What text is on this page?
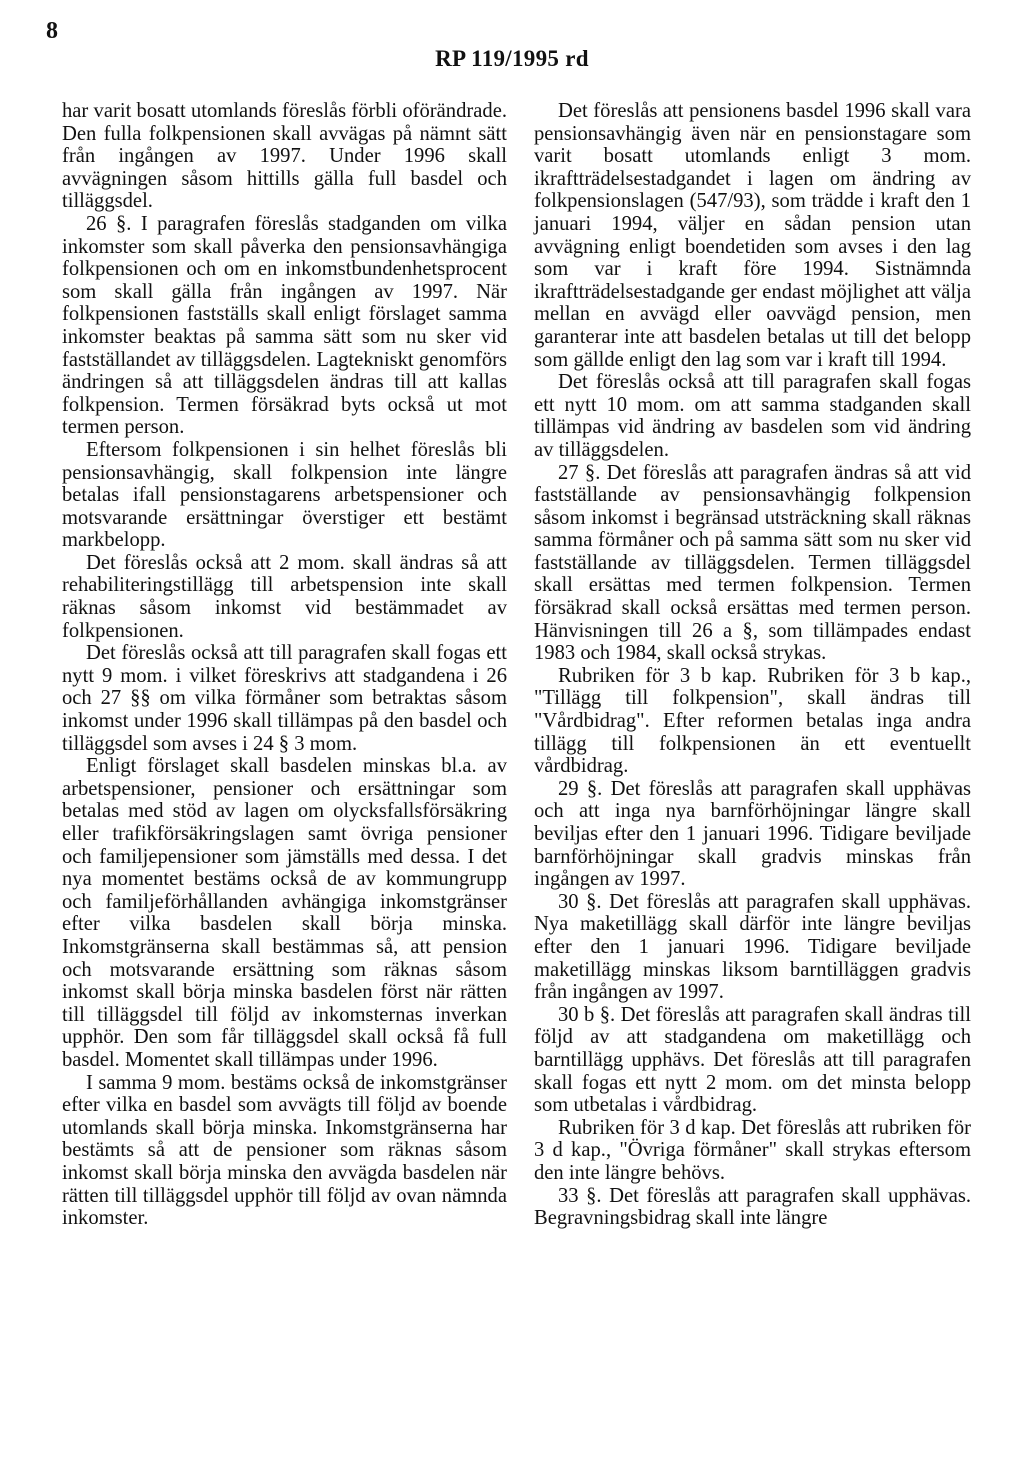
8
RP 119/1995 rd

har varit bosatt utomlands föreslås förbli oförändrade. Den fulla folkpensionen skall avvägas på nämnt sätt från ingången av 1997. Under 1996 skall avvägningen såsom hittills gälla full basdel och tilläggsdel.

26 §. I paragrafen föreslås stadganden om vilka inkomster som skall påverka den pensionsavhängiga folkpensionen och om en inkomstbundenhetsprocent som skall gälla från ingången av 1997. När folkpensionen fastställs skall enligt förslaget samma inkomster beaktas på samma sätt som nu sker vid fastställandet av tilläggsdelen. Lagtekniskt genomförs ändringen så att tilläggsdelen ändras till att kallas folkpension. Termen försäkrad byts också ut mot termen person.

Eftersom folkpensionen i sin helhet föreslås bli pensionsavhängig, skall folkpension inte längre betalas ifall pensionstagarens arbetspensioner och motsvarande ersättningar överstiger ett bestämt markbelopp.

Det föreslås också att 2 mom. skall ändras så att rehabiliteringstillägg till arbetspension inte skall räknas såsom inkomst vid bestämmadet av folkpensionen.

Det föreslås också att till paragrafen skall fogas ett nytt 9 mom. i vilket föreskrivs att stadgandena i 26 och 27 §§ om vilka förmåner som betraktas såsom inkomst under 1996 skall tillämpas på den basdel och tilläggsdel som avses i 24 § 3 mom.

Enligt förslaget skall basdelen minskas bl.a. av arbetspensioner, pensioner och ersättningar som betalas med stöd av lagen om olycksfallsförsäkring eller trafikförsäkringslagen samt övriga pensioner och familjepensioner som jämställs med dessa. I det nya momentet bestäms också de av kommungrupp och familjeförhållanden avhängiga inkomstgränser efter vilka basdelen skall börja minska. Inkomstgränserna skall bestämmas så, att pension och motsvarande ersättning som räknas såsom inkomst skall börja minska basdelen först när rätten till tilläggsdel till följd av inkomsternas inverkan upphör. Den som får tilläggsdel skall också få full basdel. Momentet skall tillämpas under 1996.

I samma 9 mom. bestäms också de inkomstgränser efter vilka en basdel som avvägts till följd av boende utomlands skall börja minska. Inkomstgränserna har bestämts så att de pensioner som räknas såsom inkomst skall börja minska den avvägda basdelen när rätten till tilläggsdel upphör till följd av ovan nämnda inkomster.

Det föreslås att pensionens basdel 1996 skall vara pensionsavhängig även när en pensionstagare som varit bosatt utomlands enligt 3 mom. ikraftträdelsestadgandet i lagen om ändring av folkpensionslagen (547/93), som trädde i kraft den 1 januari 1994, väljer en sådan pension utan avvägning enligt boendetiden som avses i den lag som var i kraft före 1994. Sistnämnda ikraftträdelsestadgande ger endast möjlighet att välja mellan en avvägd eller oavvägd pension, men garanterar inte att basdelen betalas ut till det belopp som gällde enligt den lag som var i kraft till 1994.

Det föreslås också att till paragrafen skall fogas ett nytt 10 mom. om att samma stadganden skall tillämpas vid ändring av basdelen som vid ändring av tilläggsdelen.

27 §. Det föreslås att paragrafen ändras så att vid fastställande av pensionsavhängig folkpension såsom inkomst i begränsad utsträckning skall räknas samma förmåner och på samma sätt som nu sker vid fastställande av tilläggsdelen. Termen tilläggsdel skall ersättas med termen folkpension. Termen försäkrad skall också ersättas med termen person. Hänvisningen till 26 a §, som tillämpades endast 1983 och 1984, skall också strykas.

Rubriken för 3 b kap. Rubriken för 3 b kap., "Tillägg till folkpension", skall ändras till "Vårdbidrag". Efter reformen betalas inga andra tillägg till folkpensionen än ett eventuellt vårdbidrag.

29 §. Det föreslås att paragrafen skall upphävas och att inga nya barnförhöjningar längre skall beviljas efter den 1 januari 1996. Tidigare beviljade barnförhöjningar skall gradvis minskas från ingången av 1997.

30 §. Det föreslås att paragrafen skall upphävas. Nya maketillägg skall därför inte längre beviljas efter den 1 januari 1996. Tidigare beviljade maketillägg minskas liksom barntilläggen gradvis från ingången av 1997.

30 b §. Det föreslås att paragrafen skall ändras till följd av att stadgandena om maketillägg och barntillägg upphävs. Det föreslås att till paragrafen skall fogas ett nytt 2 mom. om det minsta belopp som utbetalas i vårdbidrag.

Rubriken för 3 d kap. Det föreslås att rubriken för 3 d kap., "Övriga förmåner" skall strykas eftersom den inte längre behövs.

33 §. Det föreslås att paragrafen skall upphävas. Begravningsbidrag skall inte längre
